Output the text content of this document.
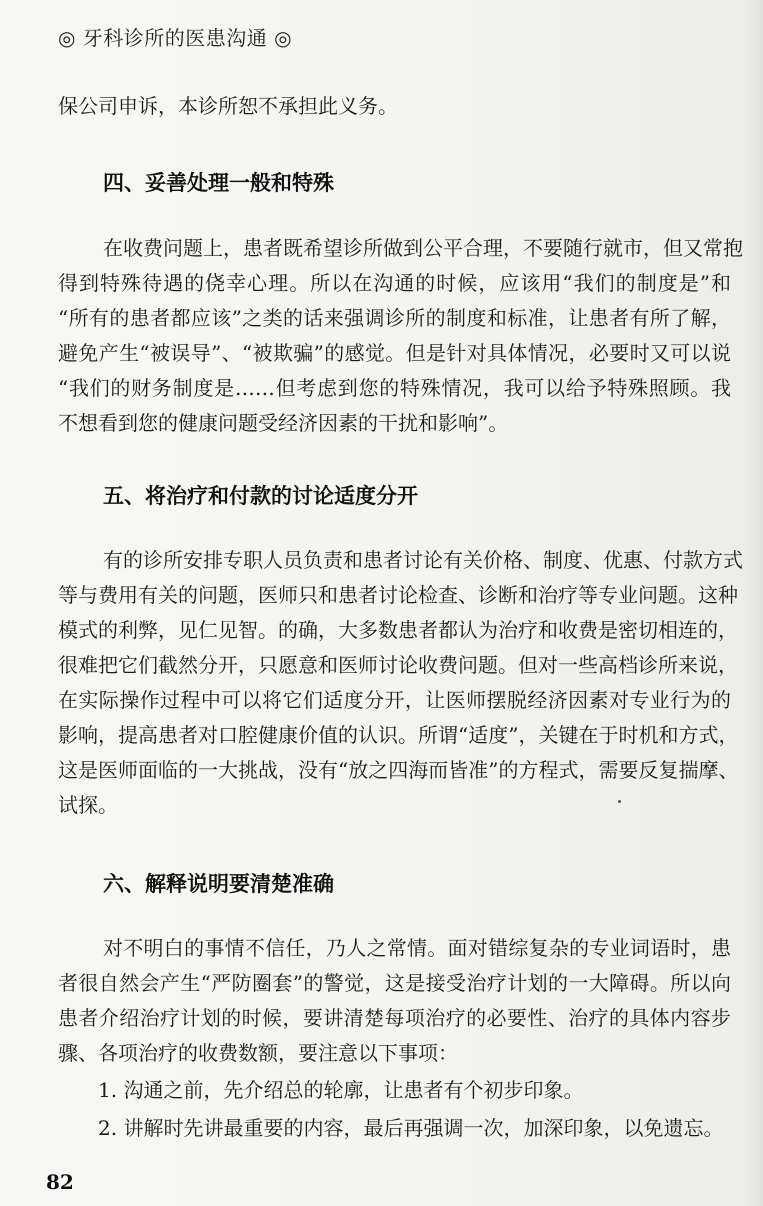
◎ 牙科诊所的医患沟通 ◎
保公司申诉，本诊所恕不承担此义务。
四、妥善处理一般和特殊
在收费问题上，患者既希望诊所做到公平合理，不要随行就市，但又常抱
得到特殊待遇的侥幸心理。所以在沟通的时候，应该用“我们的制度是”和
“所有的患者都应该”之类的话来强调诊所的制度和标准，让患者有所了解，
避免产生“被误导”、“被欺骗”的感觉。但是针对具体情况，必要时又可以说
“我们的财务制度是……但考虑到您的特殊情况，我可以给予特殊照顾。我
不想看到您的健康问题受经济因素的干扰和影响”。
五、将治疗和付款的讨论适度分开
有的诊所安排专职人员负责和患者讨论有关价格、制度、优惠、付款方式
等与费用有关的问题，医师只和患者讨论检查、诊断和治疗等专业问题。这种
模式的利弊，见仁见智。的确，大多数患者都认为治疗和收费是密切相连的，
很难把它们截然分开，只愿意和医师讨论收费问题。但对一些高档诊所来说，
在实际操作过程中可以将它们适度分开，让医师摆脱经济因素对专业行为的
影响，提高患者对口腔健康价值的认识。所谓“适度”，关键在于时机和方式，
这是医师面临的一大挑战，没有“放之四海而皆准”的方程式，需要反复揣摩、
试探。
六、解释说明要清楚准确
对不明白的事情不信任，乃人之常情。面对错综复杂的专业词语时，患
者很自然会产生“严防圈套”的警觉，这是接受治疗计划的一大障碍。所以向
患者介绍治疗计划的时候，要讲清楚每项治疗的必要性、治疗的具体内容步
骤、各项治疗的收费数额，要注意以下事项：
1. 沟通之前，先介绍总的轮廓，让患者有个初步印象。
2. 讲解时先讲最重要的内容，最后再强调一次，加深印象，以免遗忘。
82
